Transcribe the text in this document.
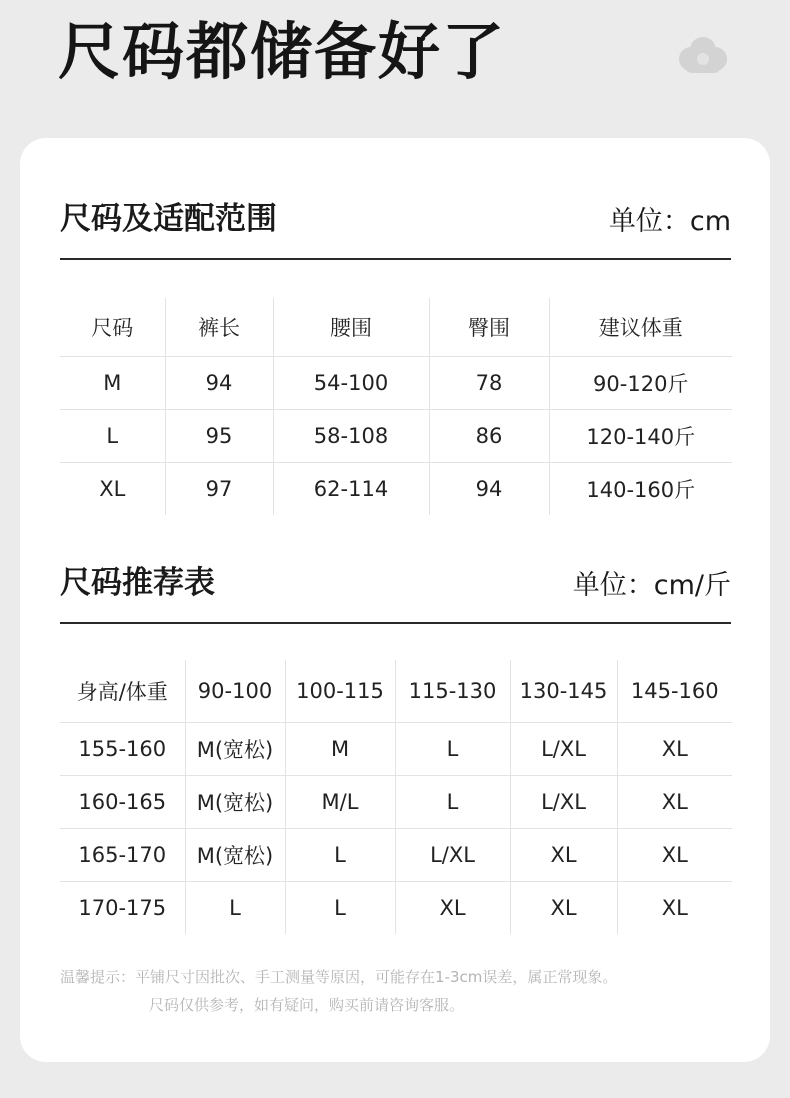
尺码都储备好了
尺码及适配范围	单位：cm
尺码	裤长	腰围	臀围	建议体重
M	94	54-100	78	90-120斤
L	95	58-108	86	120-140斤
XL	97	62-114	94	140-160斤
尺码推荐表	单位：cm/斤
身高/体重	90-100	100-115	115-130	130-145	145-160
155-160	M(宽松)	M	L	L/XL	XL
160-165	M(宽松)	M/L	L	L/XL	XL
165-170	M(宽松)	L	L/XL	XL	XL
170-175	L	L	XL	XL	XL
温馨提示：平铺尺寸因批次、手工测量等原因，可能存在1-3cm误差，属正常现象。
尺码仅供参考，如有疑问，购买前请咨询客服。
